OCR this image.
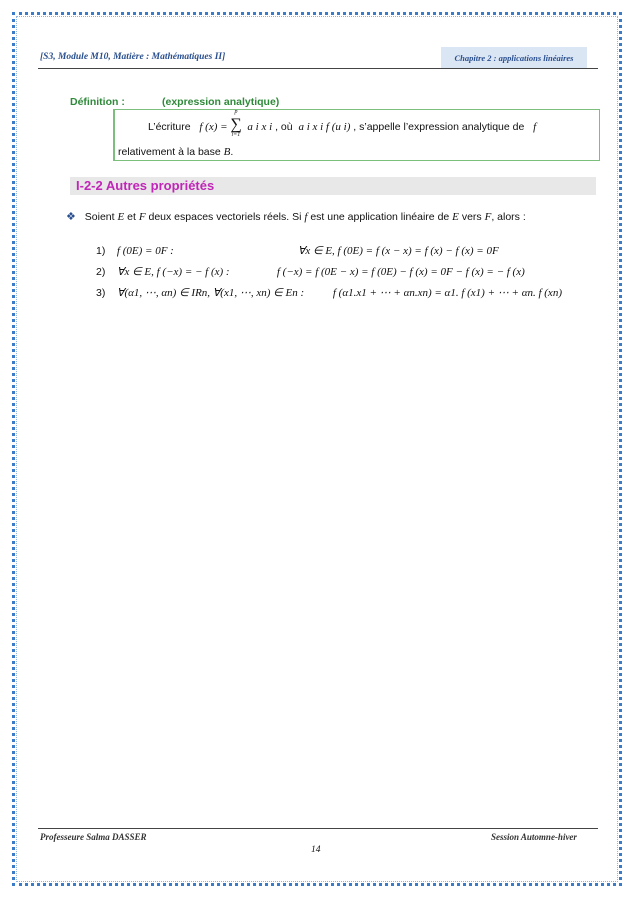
[S3, Module M10, Matière : Mathématiques II]	Chapitre 2 : applications linéaires
Définition :	(expression analytique)
L’écriture f (x) = ∑
p
i=1
a i x i , où a i x i f (u i) , s’appelle l’expression analytique de f
relativement à la base B.
I-2-2 Autres propriétés
❖ Soient E et F deux espaces vectoriels réels. Si f est une application linéaire de E vers F, alors :
1) f (0E) = 0F :	∀x ∈ E, f (0E) = f (x − x) = f (x) − f (x) = 0F
2) ∀x ∈ E, f (−x) = − f (x) :	f (−x) = f (0E − x) = f (0E) − f (x) = 0F − f (x) = − f (x)
3) ∀(α1, ⋯, αn) ∈ IRn, ∀(x1, ⋯, xn) ∈ En :	f (α1.x1 + ⋯ + αn.xn) = α1. f (x1) + ⋯ + αn. f (xn)
Professeure Salma DASSER	Session Automne-hiver
14
